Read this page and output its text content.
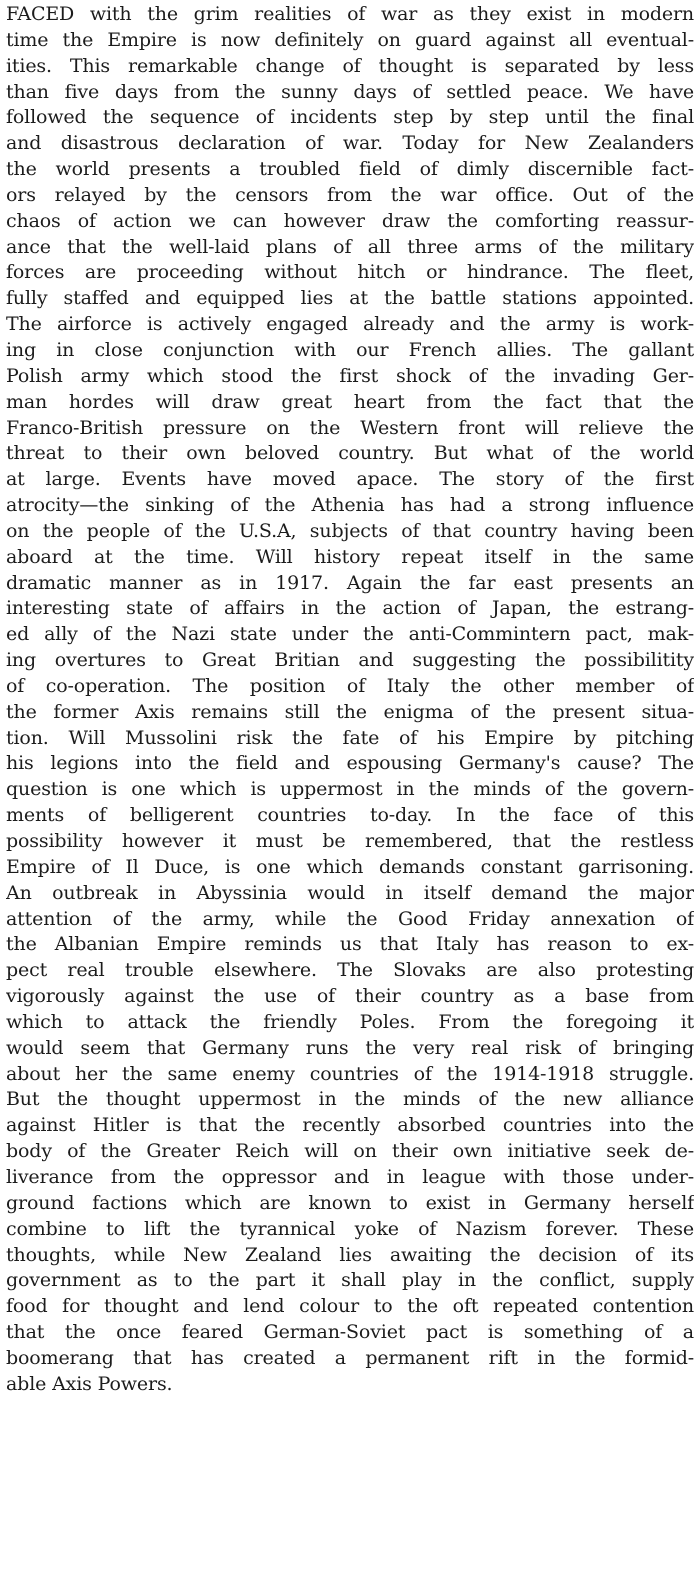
FACED with the grim realities of war as they exist in modern
time the Empire is now definitely on guard against all eventual-
ities. This remarkable change of thought is separated by less
than five days from the sunny days of settled peace. We have
followed the sequence of incidents step by step until the final
and disastrous declaration of war. Today for New Zealanders
the world presents a troubled field of dimly discernible fact-
ors relayed by the censors from the war office. Out of the
chaos of action we can however draw the comforting reassur-
ance that the well-laid plans of all three arms of the military
forces are proceeding without hitch or hindrance. The fleet,
fully staffed and equipped lies at the battle stations appointed.
The airforce is actively engaged already and the army is work-
ing in close conjunction with our French allies. The gallant
Polish army which stood the first shock of the invading Ger-
man hordes will draw great heart from the fact that the
Franco-British pressure on the Western front will relieve the
threat to their own beloved country. But what of the world
at large. Events have moved apace. The story of the first
atrocity—the sinking of the Athenia has had a strong influence
on the people of the U.S.A, subjects of that country having been
aboard at the time. Will history repeat itself in the same
dramatic manner as in 1917. Again the far east presents an
interesting state of affairs in the action of Japan, the estrang-
ed ally of the Nazi state under the anti-Commintern pact, mak-
ing overtures to Great Britian and suggesting the possibilitity
of co-operation. The position of Italy the other member of
the former Axis remains still the enigma of the present situa-
tion. Will Mussolini risk the fate of his Empire by pitching
his legions into the field and espousing Germany's cause? The
question is one which is uppermost in the minds of the govern-
ments of belligerent countries to-day. In the face of this
possibility however it must be remembered, that the restless
Empire of Il Duce, is one which demands constant garrisoning.
An outbreak in Abyssinia would in itself demand the major
attention of the army, while the Good Friday annexation of
the Albanian Empire reminds us that Italy has reason to ex-
pect real trouble elsewhere. The Slovaks are also protesting
vigorously against the use of their country as a base from
which to attack the friendly Poles. From the foregoing it
would seem that Germany runs the very real risk of bringing
about her the same enemy countries of the 1914-1918 struggle.
But the thought uppermost in the minds of the new alliance
against Hitler is that the recently absorbed countries into the
body of the Greater Reich will on their own initiative seek de-
liverance from the oppressor and in league with those under-
ground factions which are known to exist in Germany herself
combine to lift the tyrannical yoke of Nazism forever. These
thoughts, while New Zealand lies awaiting the decision of its
government as to the part it shall play in the conflict, supply
food for thought and lend colour to the oft repeated contention
that the once feared German-Soviet pact is something of a
boomerang that has created a permanent rift in the formid-
able Axis Powers.
